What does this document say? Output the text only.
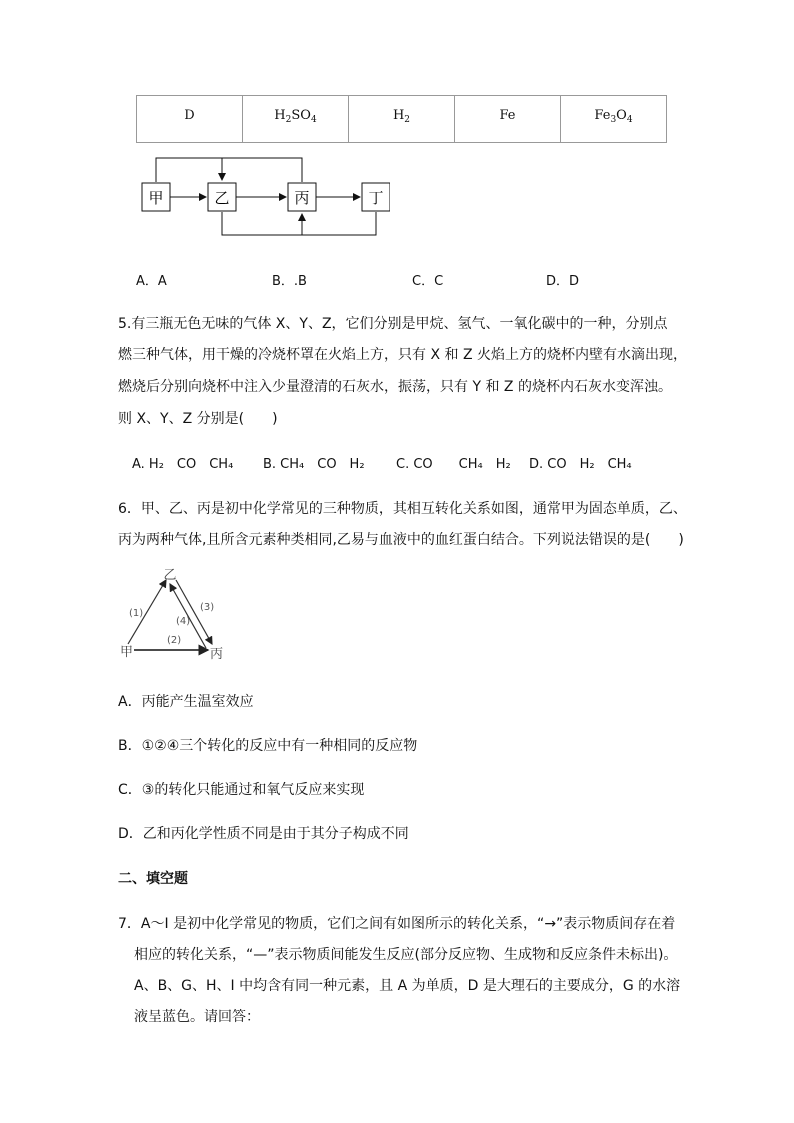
D	$H_2SO_4$	$H_2$	Fe	$Fe_3O_4$
甲	乙	丙	丁
A．A	B．.B	C．C	D．D
5.有三瓶无色无味的气体 X、Y、Z，它们分别是甲烷、氢气、一氧化碳中的一种，分别点
燃三种气体，用干燥的冷烧杯罩在火焰上方，只有 X 和 Z 火焰上方的烧杯内壁有水滴出现，
燃烧后分别向烧杯中注入少量澄清的石灰水，振荡，只有 Y 和 Z 的烧杯内石灰水变浑浊。
则 X、Y、Z 分别是(　　)
A. H₂　CO　CH₄ B. CH₄　CO　H₂ C. CO　　CH₄　H₂ D. CO　H₂　CH₄
6．甲、乙、丙是初中化学常见的三种物质，其相互转化关系如图，通常甲为固态单质，乙、
丙为两种气体,且所含元素种类相同,乙易与血液中的血红蛋白结合。下列说法错误的是(　　)
乙
甲	丙
(1)
(2)
(3)
(4)
A．丙能产生温室效应
B．①②④三个转化的反应中有一种相同的反应物
C．③的转化只能通过和氧气反应来实现
D．乙和丙化学性质不同是由于其分子构成不同
二、填空题
7．A～I 是初中化学常见的物质，它们之间有如图所示的转化关系，“→”表示物质间存在着
相应的转化关系，“—”表示物质间能发生反应(部分反应物、生成物和反应条件未标出)。
A、B、G、H、I 中均含有同一种元素，且 A 为单质，D 是大理石的主要成分，G 的水溶
液呈蓝色。请回答：
